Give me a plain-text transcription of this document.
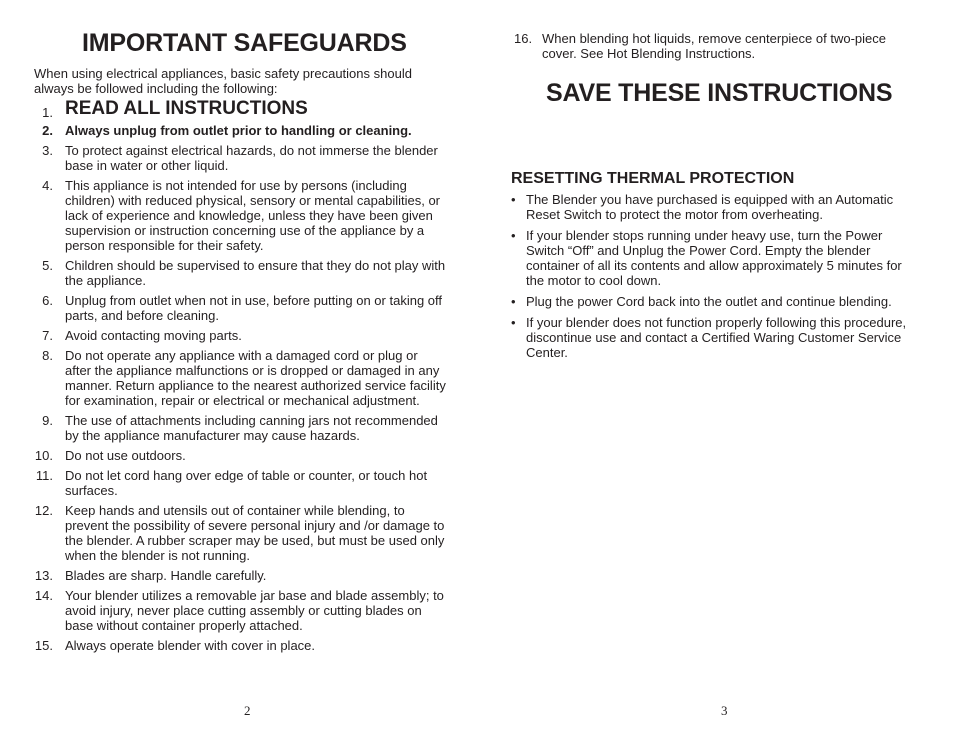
IMPORTANT SAFEGUARDS
When using electrical appliances, basic safety precautions should always be followed including the following:
1. READ ALL INSTRUCTIONS
2. Always unplug from outlet prior to handling or cleaning.
3. To protect against electrical hazards, do not immerse the blender base in water or other liquid.
4. This appliance is not intended for use by persons (including children) with reduced physical, sensory or mental capabilities, or lack of experience and knowledge, unless they have been given supervision or instruction concerning use of the appliance by a person responsible for their safety.
5. Children should be supervised to ensure that they do not play with the appliance.
6. Unplug from outlet when not in use, before putting on or taking off parts, and before cleaning.
7. Avoid contacting moving parts.
8. Do not operate any appliance with a damaged cord or plug or after the appliance malfunctions or is dropped or damaged in any manner. Return appliance to the nearest authorized service facility for examination, repair or electrical or mechanical adjustment.
9. The use of attachments including canning jars not recommended by the appliance manufacturer may cause hazards.
10. Do not use outdoors.
11. Do not let cord hang over edge of table or counter, or touch hot surfaces.
12. Keep hands and utensils out of container while blending, to prevent the possibility of severe personal injury and /or damage to the blender. A rubber scraper may be used, but must be used only when the blender is not running.
13. Blades are sharp. Handle carefully.
14. Your blender utilizes a removable jar base and blade assembly; to avoid injury, never place cutting assembly or cutting blades on base without container properly attached.
15. Always operate blender with cover in place.
2
16. When blending hot liquids, remove centerpiece of two-piece cover. See Hot Blending Instructions.
SAVE THESE INSTRUCTIONS
RESETTING THERMAL PROTECTION
• The Blender you have purchased is equipped with an Automatic Reset Switch to protect the motor from overheating.
• If your blender stops running under heavy use, turn the Power Switch “Off” and Unplug the Power Cord. Empty the blender container of all its contents and allow approximately 5 minutes for the motor to cool down.
• Plug the power Cord back into the outlet and continue blending.
• If your blender does not function properly following this procedure, discontinue use and contact a Certified Waring Customer Service Center.
3
